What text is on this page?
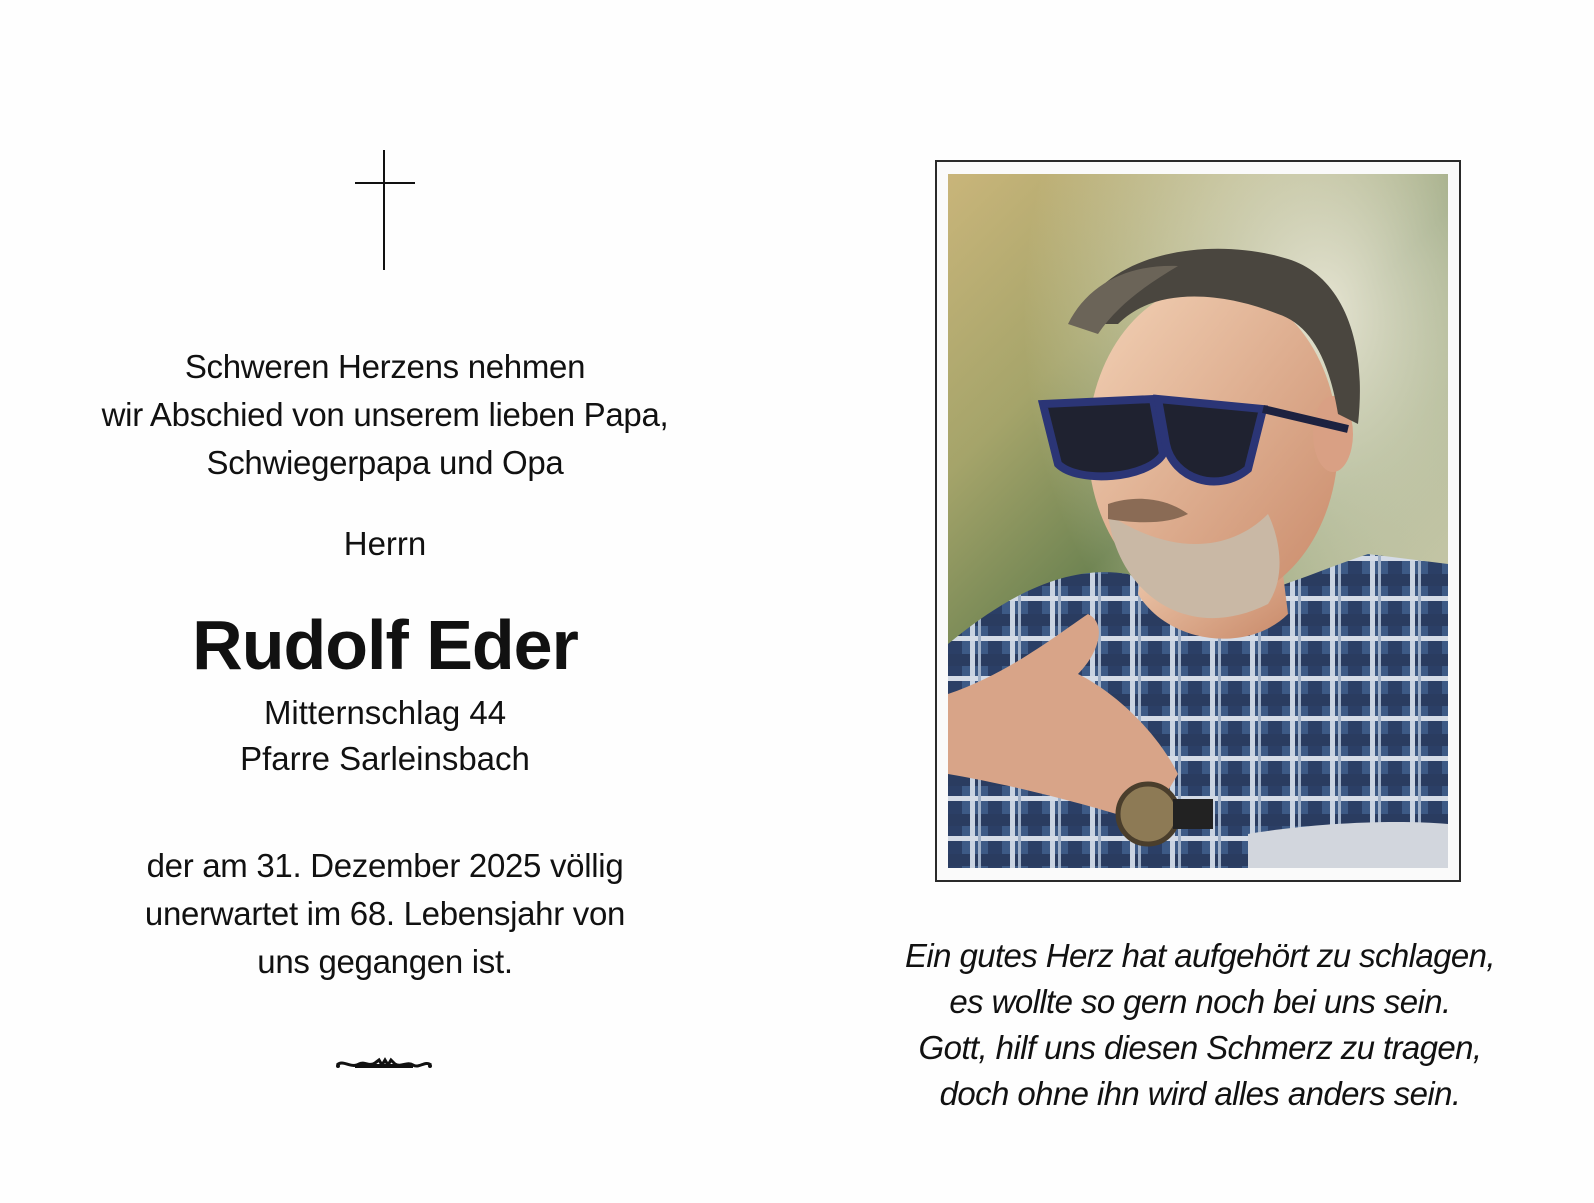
Schweren Herzens nehmen
wir Abschied von unserem lieben Papa,
Schwiegerpapa und Opa
Herrn
Rudolf Eder
Mitternschlag 44
Pfarre Sarleinsbach
der am 31. Dezember 2025 völlig
unerwartet im 68. Lebensjahr von
uns gegangen ist.	Ein gutes Herz hat aufgehört zu schlagen,
es wollte so gern noch bei uns sein.
Gott, hilf uns diesen Schmerz zu tragen,
doch ohne ihn wird alles anders sein.
